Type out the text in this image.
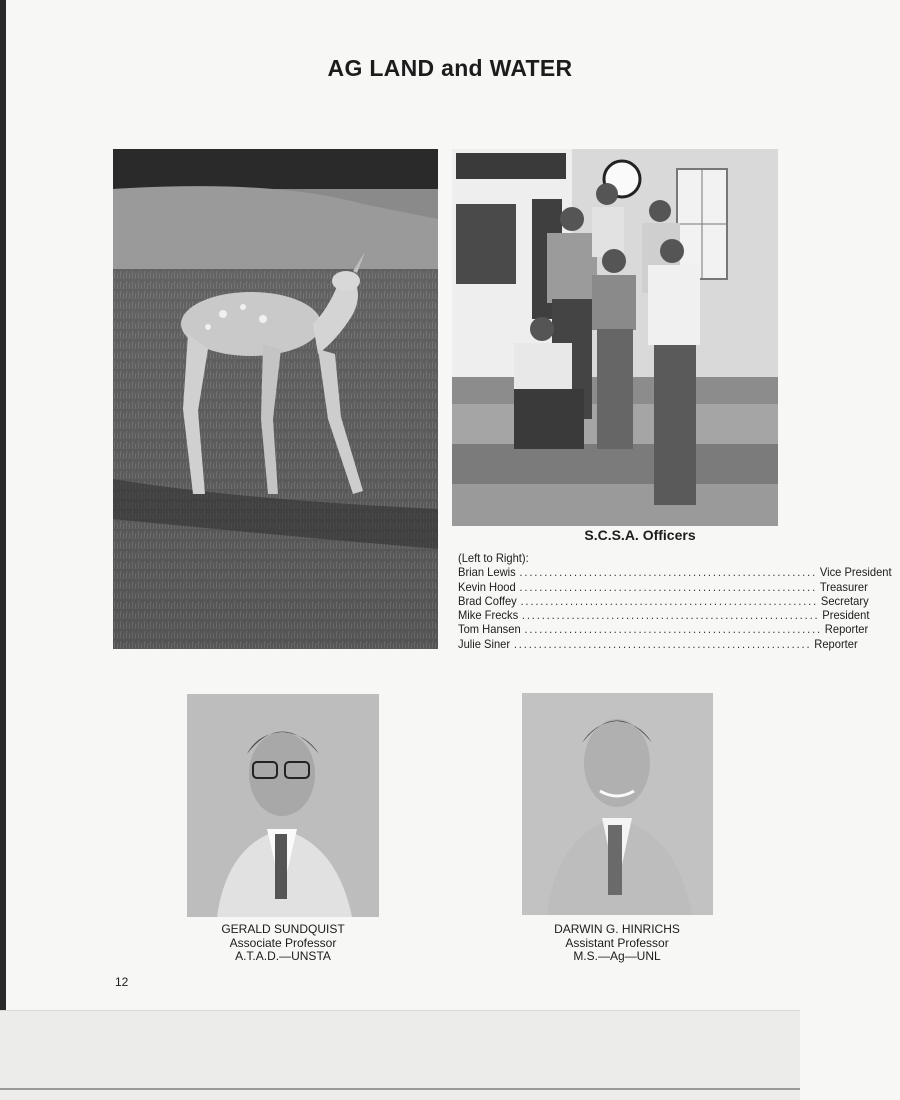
AG LAND and WATER
S.C.S.A. Officers
(Left to Right):
Brian Lewis ............................................................ Vice President
Kevin Hood ............................................................ Treasurer
Brad Coffey ............................................................ Secretary
Mike Frecks ............................................................ President
Tom Hansen ............................................................ Reporter
Julie Siner ............................................................ Reporter
GERALD SUNDQUIST
Associate Professor
A.T.A.D.—UNSTA
DARWIN G. HINRICHS
Assistant Professor
M.S.—Ag—UNL
12
